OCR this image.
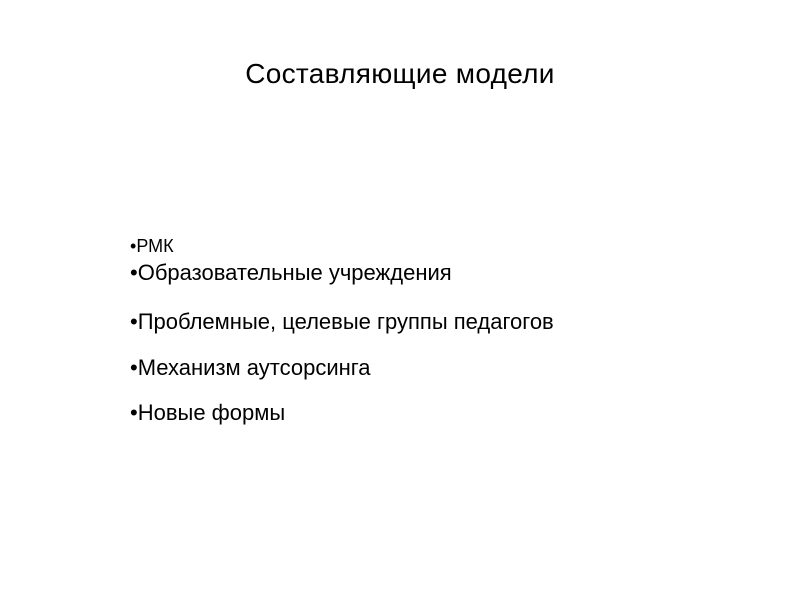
Составляющие модели
•РМК
•Образовательные учреждения
•Проблемные, целевые группы педагогов
•Механизм аутсорсинга
•Новые формы
